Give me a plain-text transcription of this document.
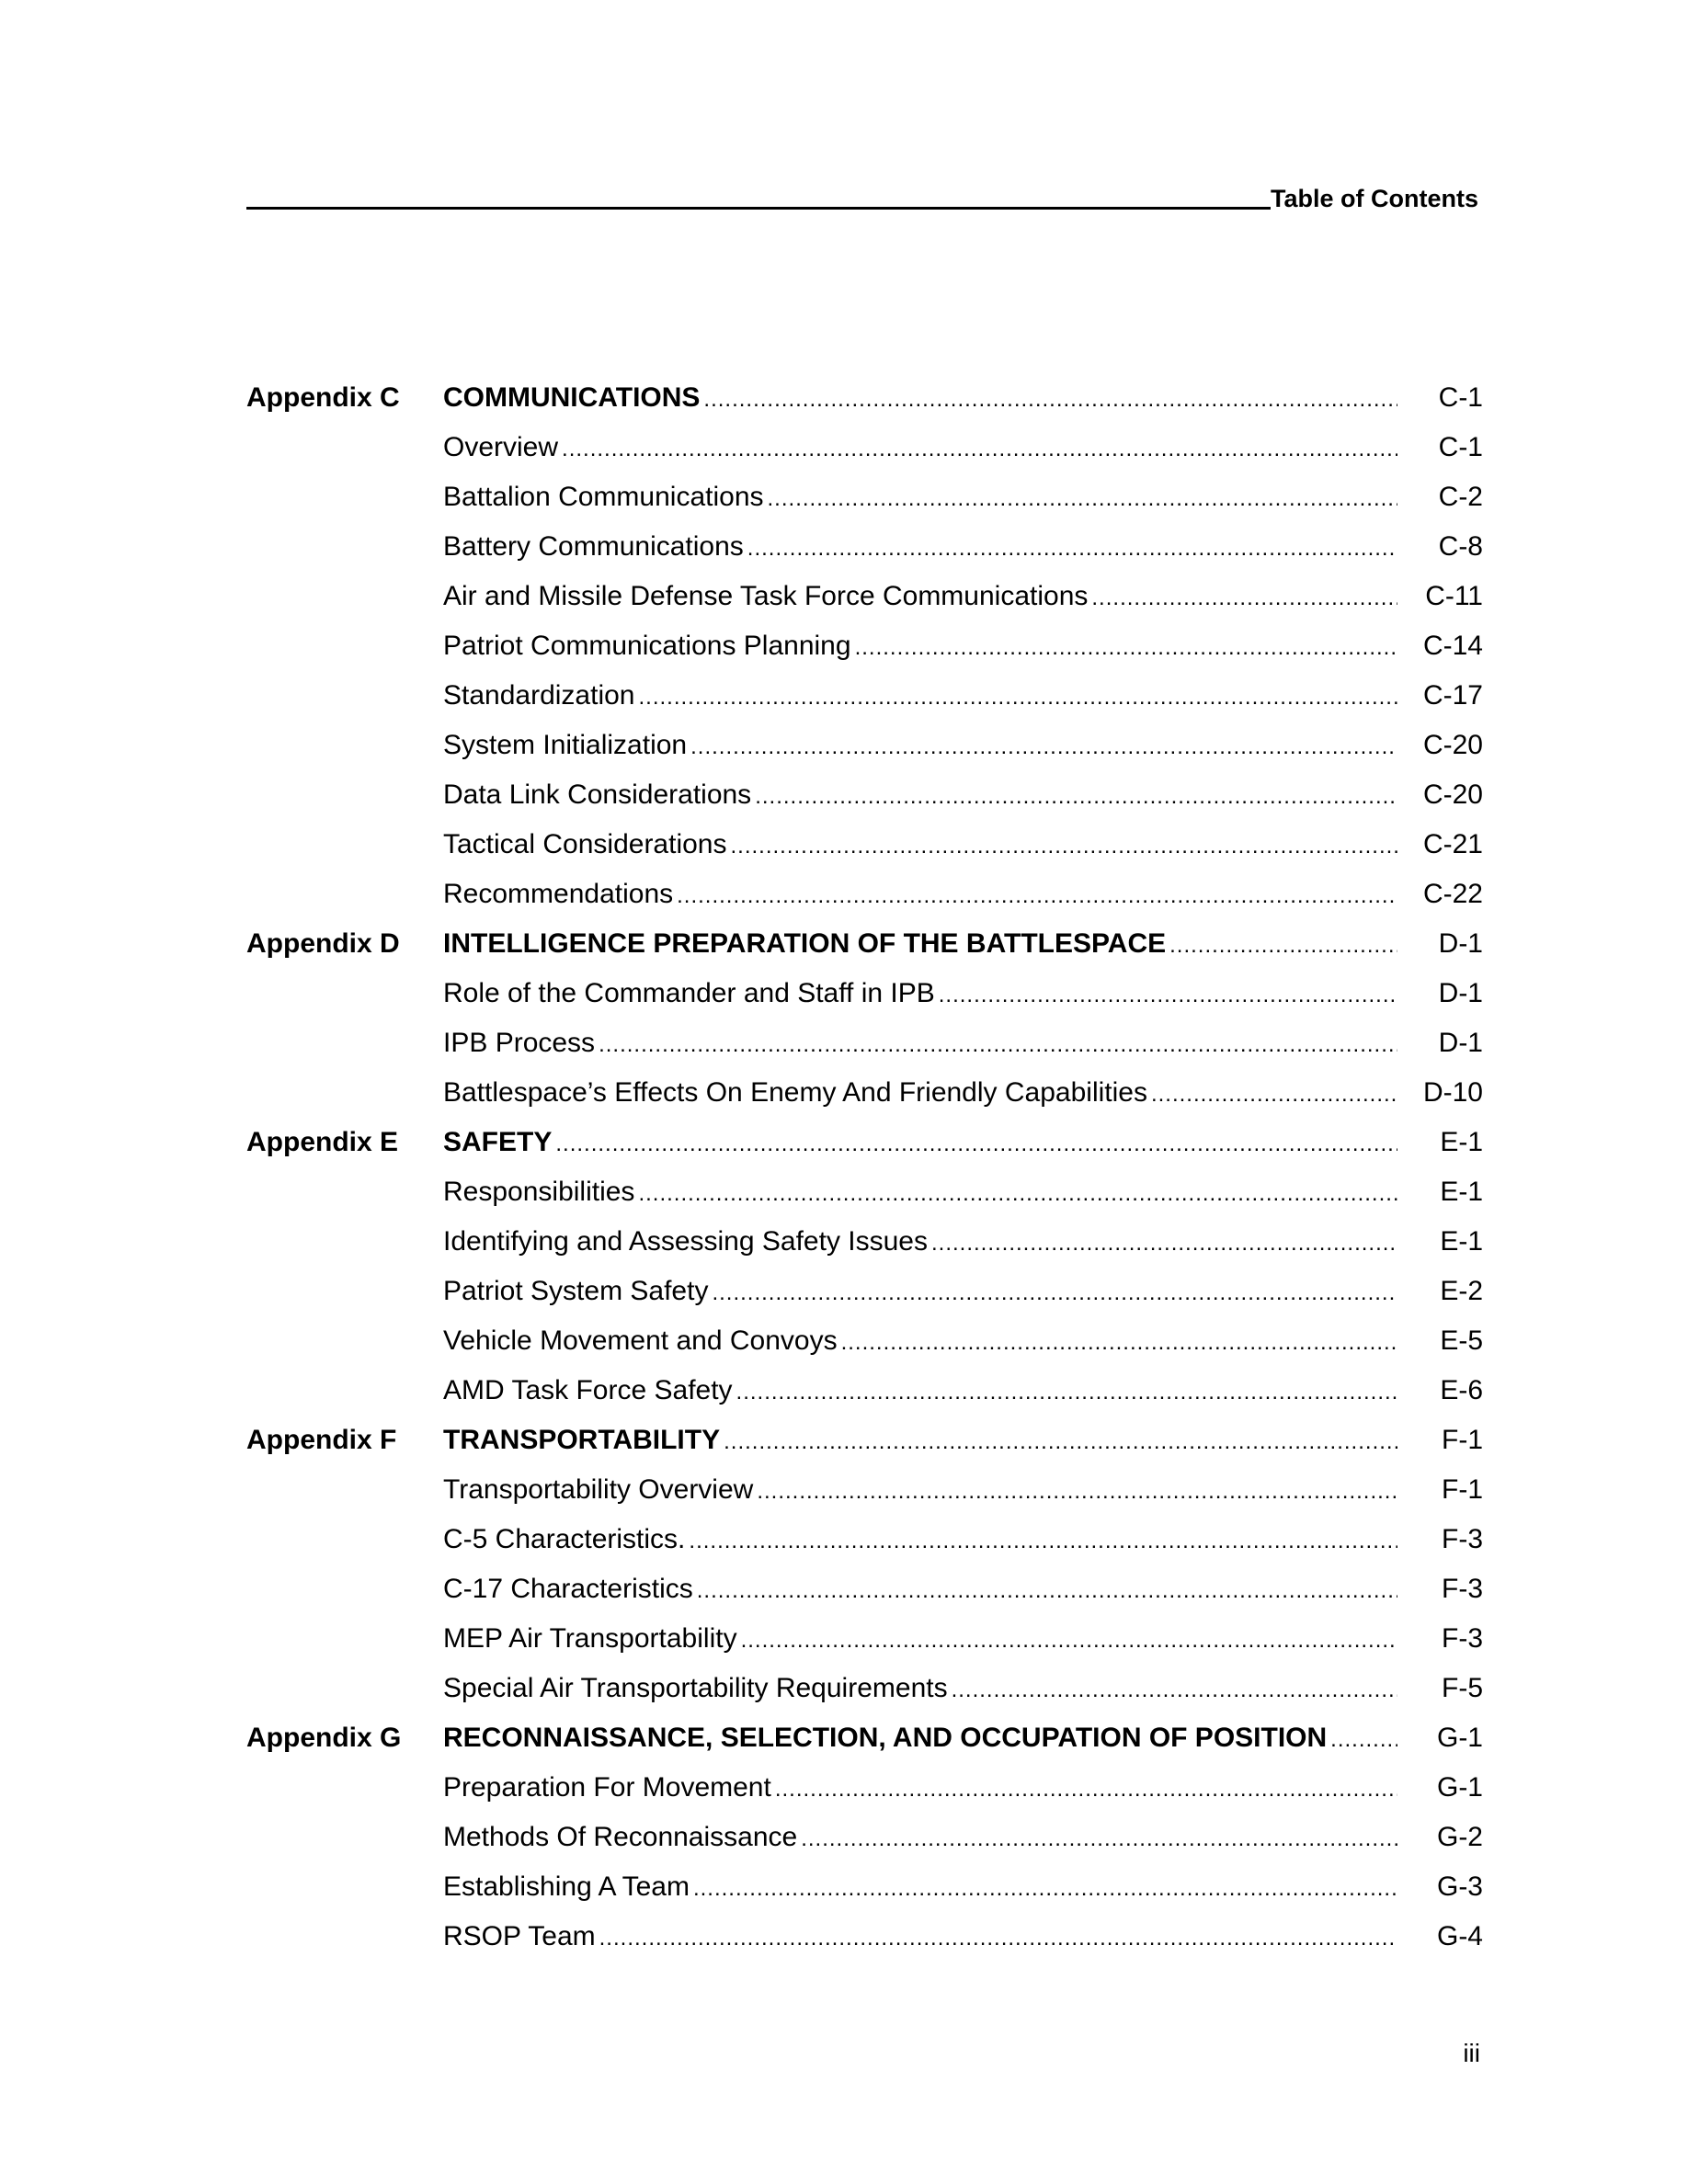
Table of Contents
Appendix C	COMMUNICATIONS .....	C-1
Overview .....	C-1
Battalion Communications .....	C-2
Battery Communications .....	C-8
Air and Missile Defense Task Force Communications .....	C-11
Patriot Communications Planning .....	C-14
Standardization .....	C-17
System Initialization .....	C-20
Data Link Considerations .....	C-20
Tactical Considerations .....	C-21
Recommendations .....	C-22
Appendix D	INTELLIGENCE PREPARATION OF THE BATTLESPACE .....	D-1
Role of the Commander and Staff in IPB .....	D-1
IPB Process .....	D-1
Battlespace’s Effects On Enemy And Friendly Capabilities .....	D-10
Appendix E	SAFETY .....	E-1
Responsibilities .....	E-1
Identifying and Assessing Safety Issues .....	E-1
Patriot System Safety .....	E-2
Vehicle Movement and Convoys .....	E-5
AMD Task Force Safety .....	E-6
Appendix F	TRANSPORTABILITY .....	F-1
Transportability Overview .....	F-1
C-5 Characteristics. .....	F-3
C-17 Characteristics .....	F-3
MEP Air Transportability .....	F-3
Special Air Transportability Requirements .....	F-5
Appendix G	RECONNAISSANCE, SELECTION, AND OCCUPATION OF POSITION .....	G-1
Preparation For Movement .....	G-1
Methods Of Reconnaissance .....	G-2
Establishing A Team .....	G-3
RSOP Team .....	G-4
iii
